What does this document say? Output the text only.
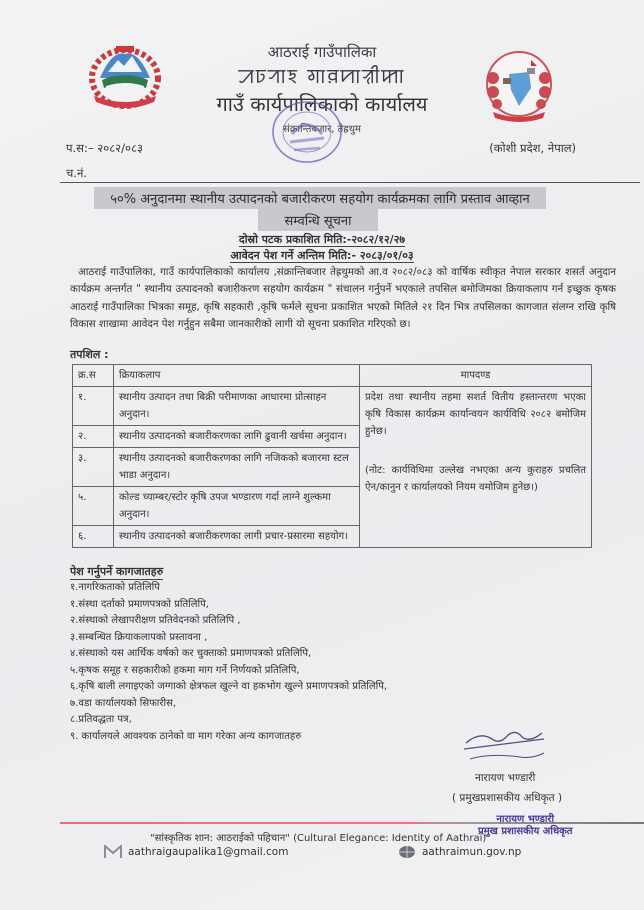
आठराई गाउँपालिका
ꠀꠑꠞꠣꠁ ꠉꠣꠅꠙꠣꠟꠤꠇꠣ
गाउँ कार्यपालिकाको कार्यालय
संक्रान्तिबजार, तेह्रथुम
प.स:– २०८२/०८३	(कोशी प्रदेश, नेपाल)
च.नं.
५०% अनुदानमा स्थानीय उत्पादनको बजारीकरण सहयोग कार्यक्रमका लागि प्रस्ताव आव्हान
सम्वन्धि सूचना
दोस्रो पटक प्रकाशित मिति:-२०८२/१२/२७
आवेदन पेश गर्ने अन्तिम मिति:- २०८३/०१/०३
आठराई गाउँपालिका, गाउँ कार्यपालिकाको कार्यालय ,संक्रान्तिबजार तेह्रथुमको आ.व २०८२/०८३ को वार्षिक स्वीकृत नेपाल सरकार शसर्त अनुदान कार्यक्रम अन्तर्गत " स्थानीय उत्पादनको बजारीकरण सहयोग कार्यक्रम " संचालन गर्नुपर्ने भएकाले तपसिल बमोजिमका क्रियाकलाप गर्न इच्छुक कृषक आठराई गाउँपालिका भित्रका समूह, कृषि सहकारी ,कृषि फर्मले सूचना प्रकाशित भएको मितिले २१ दिन भित्र तपसिलका कागजात संलग्न राखि कृषि विकास शाखामा आवेदन पेश गर्नुहुन सबैमा जानकारीको लागी यो सूचना प्रकाशित गरिएको छ।
तपशिल :
क्र.स	क्रियाकलाप	मापदण्ड
१.	स्थानीय उत्पादन तथा बिक्री परीमाणका आधारमा प्रोत्साहन अनुदान।	प्रदेश तथा स्थानीय तहमा सशर्त वितीय हस्तान्तरण भएका कृषि विकास कार्यक्रम कार्यान्वयन कार्यविधि २०८२ बमोजिम हुनेछ।

(नोट: कार्यविधिमा उल्लेख नभएका अन्य कुराहरु प्रचलित ऐन/कानुन र कार्यालयको नियम वमोजिम हुनेछ।)

२.	स्थानीय उत्पादनको बजारीकरणका लागि ढुवानी खर्चमा अनुदान।	
३.	स्थानीय उत्पादनको बजारीकरणका लागि नजिकको बजारमा स्टल भाडा अनुदान।	
५.	कोल्ड च्याम्बर/स्टोर कृषि उपज भण्डारण गर्दा लाग्ने शुल्कमा अनुदान।	
६.	स्थानीय उत्पादनको बजारीकरणका लागी प्रचार-प्रसारमा सहयोग।	
पेश गर्नुपर्ने कागजातहरु
१.नागरिकताको प्रतिलिपि
१.संस्था दर्ताको प्रमाणपत्रको प्रतिलिपि,
२.संस्थाको लेखापरीक्षण प्रतिवेदनको प्रतिलिपि ,
३.सम्बन्धित क्रियाकलापको प्रस्तावना ,
४.संस्थाको यस आर्थिक वर्षको कर चुक्ताको प्रमाणपत्रको प्रतिलिपि,
५.कृषक समूह र सहकारीको हकमा माग गर्ने निर्णयको प्रतिलिपि,
६.कृषि बाली लगाइएको जग्गाको क्षेत्रफल खुल्ने वा हकभोग खुल्ने प्रमाणपत्रको प्रतिलिपि,
७.वडा कार्यालयको सिफारीस,
८.प्रतिवद्धता पत्र,
९. कार्यालयले आवश्यक ठानेको वा माग गरेका अन्य कागजातहरु
नारायण भण्डारी
( प्रमुखप्रशासकीय अधिकृत )
नारायण भण्डारी
प्रमुख प्रशासकीय अधिकृत
"सांस्कृतिक शान: आठराईको पहिचान" (Cultural Elegance: Identity of Aathrai)
aathraigaupalika1@gmail.com	aathraimun.gov.np
